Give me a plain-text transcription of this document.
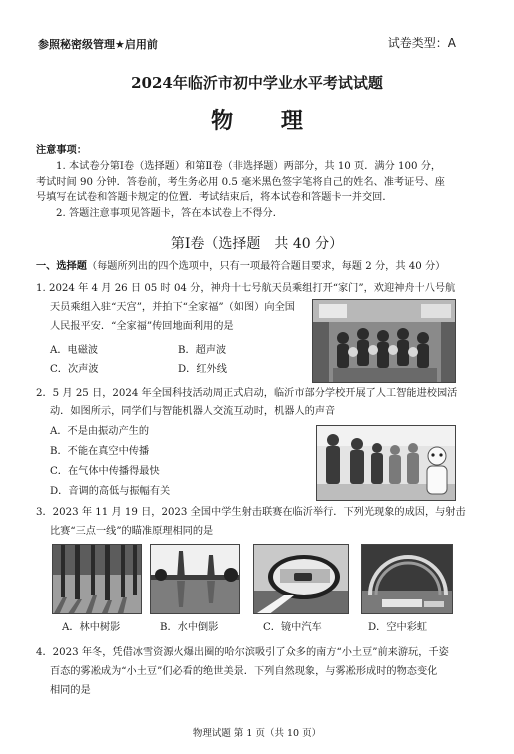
参照秘密级管理★启用前	试卷类型：A
2024年临沂市初中学业水平考试试题
物 理

注意事项：

1. 本试卷分第Ⅰ卷（选择题）和第Ⅱ卷（非选择题）两部分，共 10 页．满分 100 分，

考试时间 90 分钟．答卷前，考生务必用 0.5 毫米黑色签字笔将自己的姓名、准考证号、座

号填写在试卷和答题卡规定的位置．考试结束后，将本试卷和答题卡一并交回．

2. 答题注意事项见答题卡，答在本试卷上不得分．

第Ⅰ卷（选择题　共 40 分）
一、选择题（每题所列出的四个选项中，只有一项最符合题目要求，每题 2 分，共 40 分）
1. 2024 年 4 月 26 日 05 时 04 分，神舟十七号航天员乘组打开“家门”，欢迎神舟十八号航
天员乘组入驻“天宫”，并拍下“全家福”（如图）向全国
人民报平安．“全家福”传回地面利用的是
A．电磁波	B．超声波
C．次声波	D．红外线
2．5 月 25 日，2024 年全国科技活动周正式启动，临沂市部分学校开展了人工智能进校园活
动．如图所示，同学们与智能机器人交流互动时，机器人的声音
A．不是由振动产生的
B．不能在真空中传播
C．在气体中传播得最快
D．音调的高低与振幅有关
3．2023 年 11 月 19 日，2023 全国中学生射击联赛在临沂举行．下列光现象的成因，与射击
比赛“三点一线”的瞄准原理相同的是
A．林中树影	B．水中倒影	C．镜中汽车	D．空中彩虹
4．2023 年冬，凭借冰雪资源火爆出圈的哈尔滨吸引了众多的南方“小土豆”前来游玩，千姿
百态的雾凇成为“小土豆”们必看的绝世美景．下列自然现象，与雾凇形成时的物态变化
相同的是
物理试题 第 1 页（共 10 页）
